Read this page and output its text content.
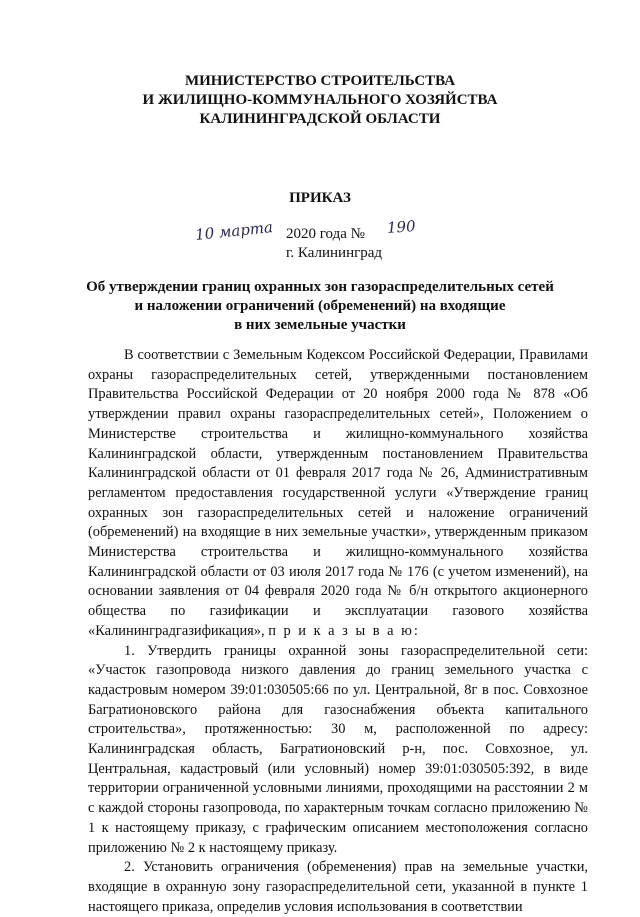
МИНИСТЕРСТВО СТРОИТЕЛЬСТВА
И ЖИЛИЩНО-КОММУНАЛЬНОГО ХОЗЯЙСТВА
КАЛИНИНГРАДСКОЙ ОБЛАСТИ
ПРИКАЗ
10 марта 2020 года № 190
г. Калининград
Об утверждении границ охранных зон газораспределительных сетей
и наложении ограничений (обременений) на входящие
в них земельные участки

В соответствии с Земельным Кодексом Российской Федерации, Правилами охраны газораспределительных сетей, утвержденными постановлением Правительства Российской Федерации от 20 ноября 2000 года № 878 «Об утверждении правил охраны газораспределительных сетей», Положением о Министерстве строительства и жилищно-коммунального хозяйства Калининградской области, утвержденным постановлением Правительства Калининградской области от 01 февраля 2017 года № 26, Административным регламентом предоставления государственной услуги «Утверждение границ охранных зон газораспределительных сетей и наложение ограничений (обременений) на входящие в них земельные участки», утвержденным приказом Министерства строительства и жилищно-коммунального хозяйства Калининградской области от 03 июля 2017 года № 176 (с учетом изменений), на основании заявления от 04 февраля 2020 года № б/н открытого акционерного общества по газификации и эксплуатации газового хозяйства «Калининградгазификация», п р и к а з ы в а ю:

1. Утвердить границы охранной зоны газораспределительной сети: «Участок газопровода низкого давления до границ земельного участка с кадастровым номером 39:01:030505:66 по ул. Центральной, 8г в пос. Совхозное Багратионовского района для газоснабжения объекта капитального строительства», протяженностью: 30 м, расположенной по адресу: Калининградская область, Багратионовский р-н, пос. Совхозное, ул. Центральная, кадастровый (или условный) номер 39:01:030505:392, в виде территории ограниченной условными линиями, проходящими на расстоянии 2 м с каждой стороны газопровода, по характерным точкам согласно приложению № 1 к настоящему приказу, с графическим описанием местоположения согласно приложению № 2 к настоящему приказу.

2. Установить ограничения (обременения) прав на земельные участки, входящие в охранную зону газораспределительной сети, указанной в пункте 1 настоящего приказа, определив условия использования в соответствии
